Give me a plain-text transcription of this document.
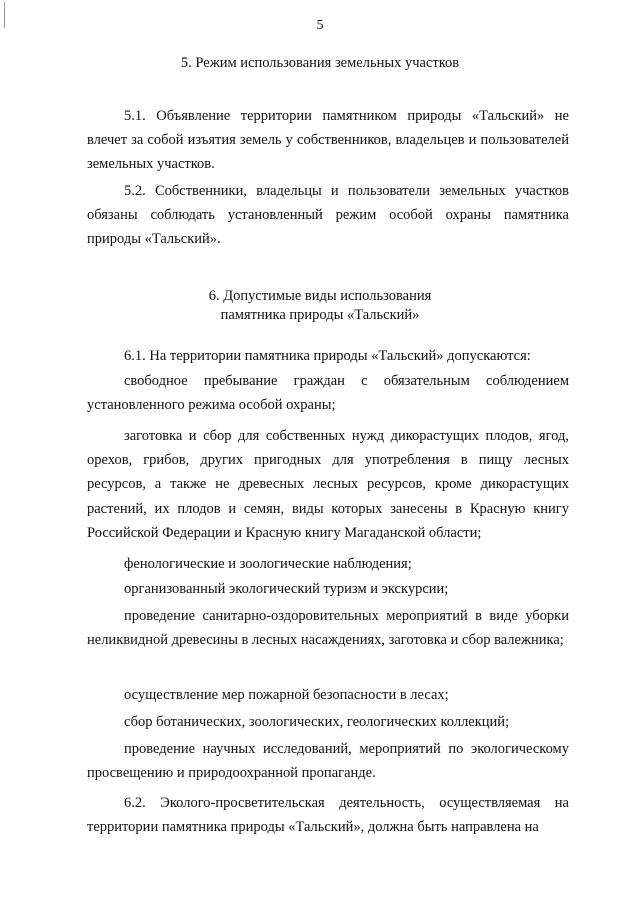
5
5. Режим использования земельных участков
5.1. Объявление территории памятником природы «Тальский» не влечет за собой изъятия земель у собственников, владельцев и пользователей земельных участков.
5.2. Собственники, владельцы и пользователи земельных участков обязаны соблюдать установленный режим особой охраны памятника природы «Тальский».
6. Допустимые виды использования
памятника природы «Тальский»
6.1. На территории памятника природы «Тальский» допускаются:
свободное пребывание граждан с обязательным соблюдением установленного режима особой охраны;
заготовка и сбор для собственных нужд дикорастущих плодов, ягод, орехов, грибов, других пригодных для употребления в пищу лесных ресурсов, а также не древесных лесных ресурсов, кроме дикорастущих растений, их плодов и семян, виды которых занесены в Красную книгу Российской Федерации и Красную книгу Магаданской области;
фенологические и зоологические наблюдения;
организованный экологический туризм и экскурсии;
проведение санитарно-оздоровительных мероприятий в виде уборки неликвидной древесины в лесных насаждениях, заготовка и сбор валежника;
осуществление мер пожарной безопасности в лесах;
сбор ботанических, зоологических, геологических коллекций;
проведение научных исследований, мероприятий по экологическому просвещению и природоохранной пропаганде.
6.2. Эколого-просветительская деятельность, осуществляемая на территории памятника природы «Тальский», должна быть направлена на
